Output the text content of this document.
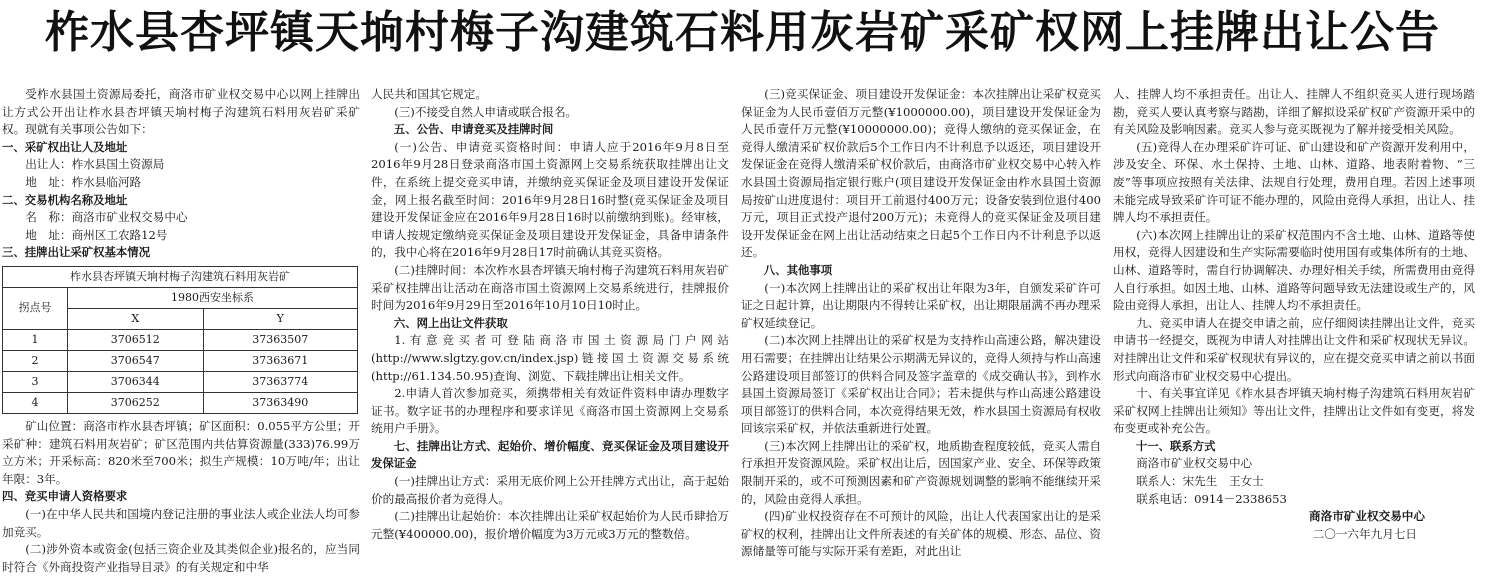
柞水县杏坪镇天垧村梅子沟建筑石料用灰岩矿采矿权网上挂牌出让公告

受柞水县国土资源局委托，商洛市矿业权交易中心以网上挂牌出让方式公开出让柞水县杏坪镇天垧村梅子沟建筑石料用灰岩矿采矿权。现就有关事项公告如下：

一、采矿权出让人及地址

出让人：柞水县国土资源局

地　址：柞水县临河路

二、交易机构名称及地址

名　称：商洛市矿业权交易中心

地　址：商州区工农路12号

三、挂牌出让采矿权基本情况

柞水县杏坪镇天垧村梅子沟建筑石料用灰岩矿		
拐点号	1980西安坐标系	
	X	Y
1	3706512	37363507
2	3706547	37363671
3	3706344	37363774
4	3706252	37363490

矿山位置：商洛市柞水县杏坪镇；矿区面积：0.055平方公里；开采矿种：建筑石料用灰岩矿；矿区范围内共估算资源量(333)76.99万立方米；开采标高：820米至700米；拟生产规模：10万吨/年；出让年限：3年。

四、竞买申请人资格要求

(一)在中华人民共和国境内登记注册的事业法人或企业法人均可参加竞买。

(二)涉外资本或资金(包括三资企业及其类似企业)报名的，应当同时符合《外商投资产业指导目录》的有关规定和中华

人民共和国其它规定。

(三)不接受自然人申请或联合报名。

五、公告、申请竞买及挂牌时间

(一)公告、申请竞买资格时间：申请人应于2016年9月8日至2016年9月28日登录商洛市国土资源网上交易系统获取挂牌出让文件，在系统上提交竞买申请，并缴纳竞买保证金及项目建设开发保证金，网上报名截至时间：2016年9月28日16时整(竞买保证金及项目建设开发保证金应在2016年9月28日16时以前缴纳到账)。经审核，申请人按规定缴纳竞买保证金及项目建设开发保证金，具备申请条件的，我中心将在2016年9月28日17时前确认其竞买资格。

(二)挂牌时间：本次柞水县杏坪镇天垧村梅子沟建筑石料用灰岩矿采矿权挂牌出让活动在商洛市国土资源网上交易系统进行，挂牌报价时间为2016年9月29日至2016年10月10日10时止。

六、网上出让文件获取

1.有意竞买者可登陆商洛市国土资源局门户网站(http://www.slgtzy.gov.cn/index.jsp)链接国土资源交易系统(http://61.134.50.95)查询、浏览、下载挂牌出让相关文件。

2.申请人首次参加竞买，须携带相关有效证件资料申请办理数字证书。数字证书的办理程序和要求详见《商洛市国土资源网上交易系统用户手册》。

七、挂牌出让方式、起始价、增价幅度、竞买保证金及项目建设开发保证金

(一)挂牌出让方式：采用无底价网上公开挂牌方式出让，高于起始价的最高报价者为竞得人。

(二)挂牌出让起始价：本次挂牌出让采矿权起始价为人民币肆拾万元整(¥400000.00)，报价增价幅度为3万元或3万元的整数倍。

(三)竞买保证金、项目建设开发保证金：本次挂牌出让采矿权竞买保证金为人民币壹佰万元整(¥1000000.00)，项目建设开发保证金为人民币壹仟万元整(¥10000000.00)；竞得人缴纳的竞买保证金，在竞得人缴清采矿权价款后5个工作日内不计利息予以返还，项目建设开发保证金在竞得人缴清采矿权价款后，由商洛市矿业权交易中心转入柞水县国土资源局指定银行账户(项目建设开发保证金由柞水县国土资源局按矿山进度退付：项目开工前退付400万元；设备安装到位退付400万元，项目正式投产退付200万元)；未竞得人的竞买保证金及项目建设开发保证金在网上出让活动结束之日起5个工作日内不计利息予以返还。

八、其他事项

(一)本次网上挂牌出让的采矿权出让年限为3年，自颁发采矿许可证之日起计算，出让期限内不得转让采矿权，出让期限届满不再办理采矿权延续登记。

(二)本次网上挂牌出让的采矿权是为支持柞山高速公路，解决建设用石需要；在挂牌出让结果公示期满无异议的，竞得人须持与柞山高速公路建设项目部签订的供料合同及签字盖章的《成交确认书》，到柞水县国土资源局签订《采矿权出让合同》；若未提供与柞山高速公路建设项目部签订的供料合同，本次竞得结果无效，柞水县国土资源局有权收回该宗采矿权，并依法重新进行处置。

(三)本次网上挂牌出让的采矿权，地质勘查程度较低，竞买人需自行承担开发资源风险。采矿权出让后，因国家产业、安全、环保等政策限制开采的，或不可预测因素和矿产资源规划调整的影响不能继续开采的，风险由竞得人承担。

(四)矿业权投资存在不可预计的风险，出让人代表国家出让的是采矿权的权利，挂牌出让文件所表述的有关矿体的规模、形态、品位、资源储量等可能与实际开采有差距，对此出让

人、挂牌人均不承担责任。出让人、挂牌人不组织竞买人进行现场踏勘，竞买人要认真考察与踏勘，详细了解拟设采矿权矿产资源开采中的有关风险及影响因素。竞买人参与竞买既视为了解并接受相关风险。

(五)竞得人在办理采矿许可证、矿山建设和矿产资源开发利用中，涉及安全、环保、水土保持、土地、山林、道路、地表附着物、“三废”等事项应按照有关法律、法规自行处理，费用自理。若因上述事项未能完成导致采矿许可证不能办理的，风险由竞得人承担，出让人、挂牌人均不承担责任。

(六)本次网上挂牌出让的采矿权范围内不含土地、山林、道路等使用权，竞得人因建设和生产实际需要临时使用国有或集体所有的土地、山林、道路等时，需自行协调解决、办理好相关手续，所需费用由竞得人自行承担。如因土地、山林、道路等问题导致无法建设或生产的，风险由竞得人承担，出让人、挂牌人均不承担责任。

九、竞买申请人在提交申请之前，应仔细阅读挂牌出让文件，竞买申请书一经提交，既视为申请人对挂牌出让文件和采矿权现状无异议。对挂牌出让文件和采矿权现状有异议的，应在提交竞买申请之前以书面形式向商洛市矿业权交易中心提出。

十、有关事宜详见《柞水县杏坪镇天垧村梅子沟建筑石料用灰岩矿采矿权网上挂牌出让须知》等出让文件，挂牌出让文件如有变更，将发布变更或补充公告。

十一、联系方式

商洛市矿业权交易中心

联系人：宋先生　王女士

联系电话：0914－2338653

商洛市矿业权交易中心

二〇一六年九月七日
